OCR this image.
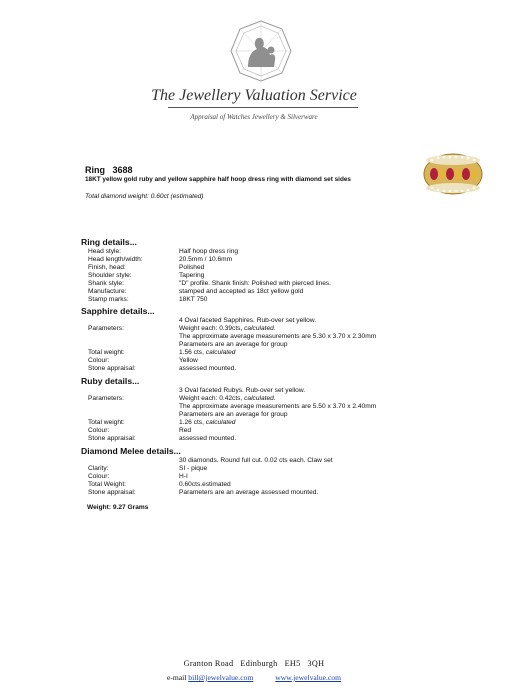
The Jewellery Valuation Service
Appraisal of Watches Jewellery & Silverware
Ring   3688
18KT yellow gold ruby and yellow sapphire half hoop dress ring with diamond set sides
Total diamond weight: 0.60ct (estimated)
Ring details...
Head style:	Half hoop dress ring
Head length/width:	20.5mm / 10.6mm
Finish, head:	Polished
Shoulder style:	Tapering
Shank style:	"D" profile. Shank finish: Polished with pierced lines.
Manufacture:	stamped and accepted as 18ct yellow gold
Stamp marks:	18KT 750
Sapphire details...
4 Oval faceted Sapphires. Rub-over set yellow.
Parameters:	Weight each: 0.39cts, calculated.
The approximate average measurements are 5.30 x 3.70 x 2.30mm
Parameters are an average for group
Total weight:	1.56 cts, calculated
Colour:	Yellow
Stone appraisal:	assessed mounted.
Ruby details...
3 Oval faceted Rubys. Rub-over set yellow.
Parameters:	Weight each: 0.42cts, calculated.
The approximate average measurements are 5.50 x 3.70 x 2.40mm
Parameters are an average for group
Total weight:	1.26 cts, calculated
Colour:	Red
Stone appraisal:	assessed mounted.
Diamond Melee details...
30 diamonds. Round full cut. 0.02 cts each. Claw set
Clarity:	SI - pique
Colour:	H-I
Total Weight:	0.60cts.estimated
Stone appraisal:	Parameters are an average assessed mounted.
Weight: 9.27 Grams
Granton Road   Edinburgh   EH5   3QH
e-mail bill@jewelvalue.com	www.jewelvalue.com
